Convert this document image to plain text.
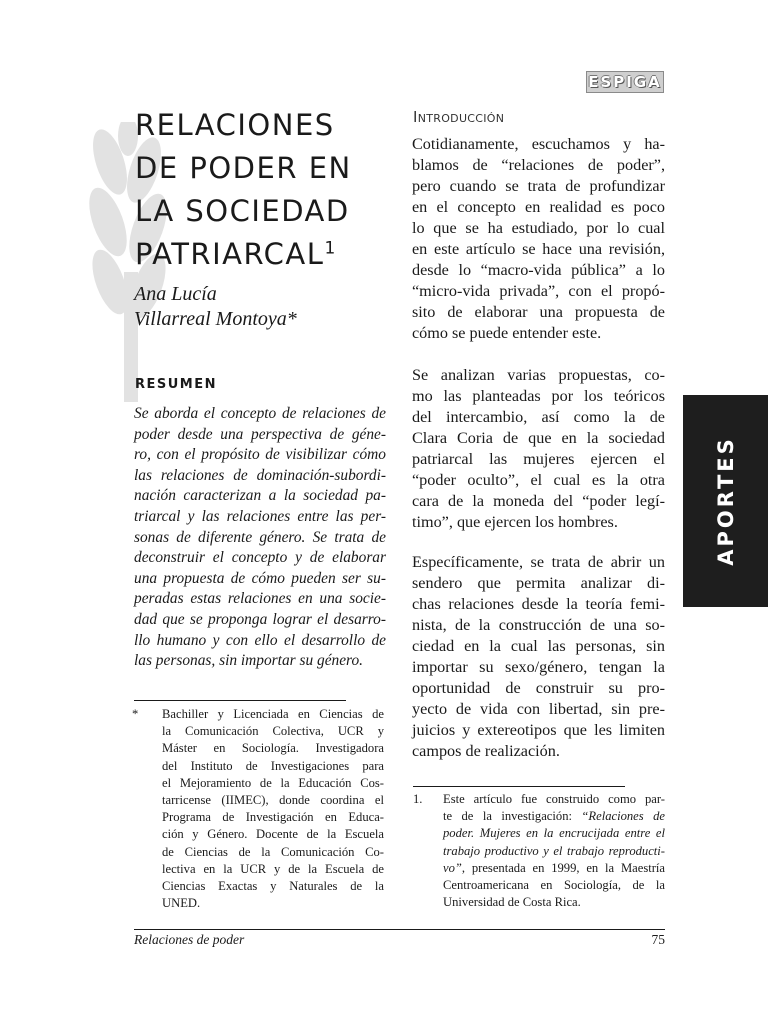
ESPIGA
RELACIONES
DE PODER EN
LA SOCIEDAD
PATRIARCAL$^1$
Ana Lucía
Villarreal Montoya*
RESUMEN
Se aborda el concepto de relaciones de
poder desde una perspectiva de géne-
ro, con el propósito de visibilizar cómo
las relaciones de dominación-subordi-
nación caracterizan a la sociedad pa-
triarcal y las relaciones entre las per-
sonas de diferente género. Se trata de
deconstruir el concepto y de elaborar
una propuesta de cómo pueden ser su-
peradas estas relaciones en una socie-
dad que se proponga lograr el desarro-
llo humano y con ello el desarrollo de
las personas, sin importar su género.
* Bachiller y Licenciada en Ciencias de
la Comunicación Colectiva, UCR y
Máster en Sociología. Investigadora
del Instituto de Investigaciones para
el Mejoramiento de la Educación Cos-
tarricense (IIMEC), donde coordina el
Programa de Investigación en Educa-
ción y Género. Docente de la Escuela
de Ciencias de la Comunicación Co-
lectiva en la UCR y de la Escuela de
Ciencias Exactas y Naturales de la
UNED.
Introducción
Cotidianamente, escuchamos y ha-
blamos de “relaciones de poder”,
pero cuando se trata de profundizar
en el concepto en realidad es poco
lo que se ha estudiado, por lo cual
en este artículo se hace una revisión,
desde lo “macro-vida pública” a lo
“micro-vida privada”, con el propó-
sito de elaborar una propuesta de
cómo se puede entender este.
Se analizan varias propuestas, co-
mo las planteadas por los teóricos
del intercambio, así como la de
Clara Coria de que en la sociedad
patriarcal las mujeres ejercen el
“poder oculto”, el cual es la otra
cara de la moneda del “poder legí-
timo”, que ejercen los hombres.
Específicamente, se trata de abrir un
sendero que permita analizar di-
chas relaciones desde la teoría femi-
nista, de la construcción de una so-
ciedad en la cual las personas, sin
importar su sexo/género, tengan la
oportunidad de construir su pro-
yecto de vida con libertad, sin pre-
juicios y extereotipos que les limiten
campos de realización.
1. Este artículo fue construido como par-
te de la investigación: “Relaciones de
poder. Mujeres en la encrucijada entre el
trabajo productivo y el trabajo reproducti-
vo”, presentada en 1999, en la Maestría
Centroamericana en Sociología, de la
Universidad de Costa Rica.
APORTES
Relaciones de poder	75
